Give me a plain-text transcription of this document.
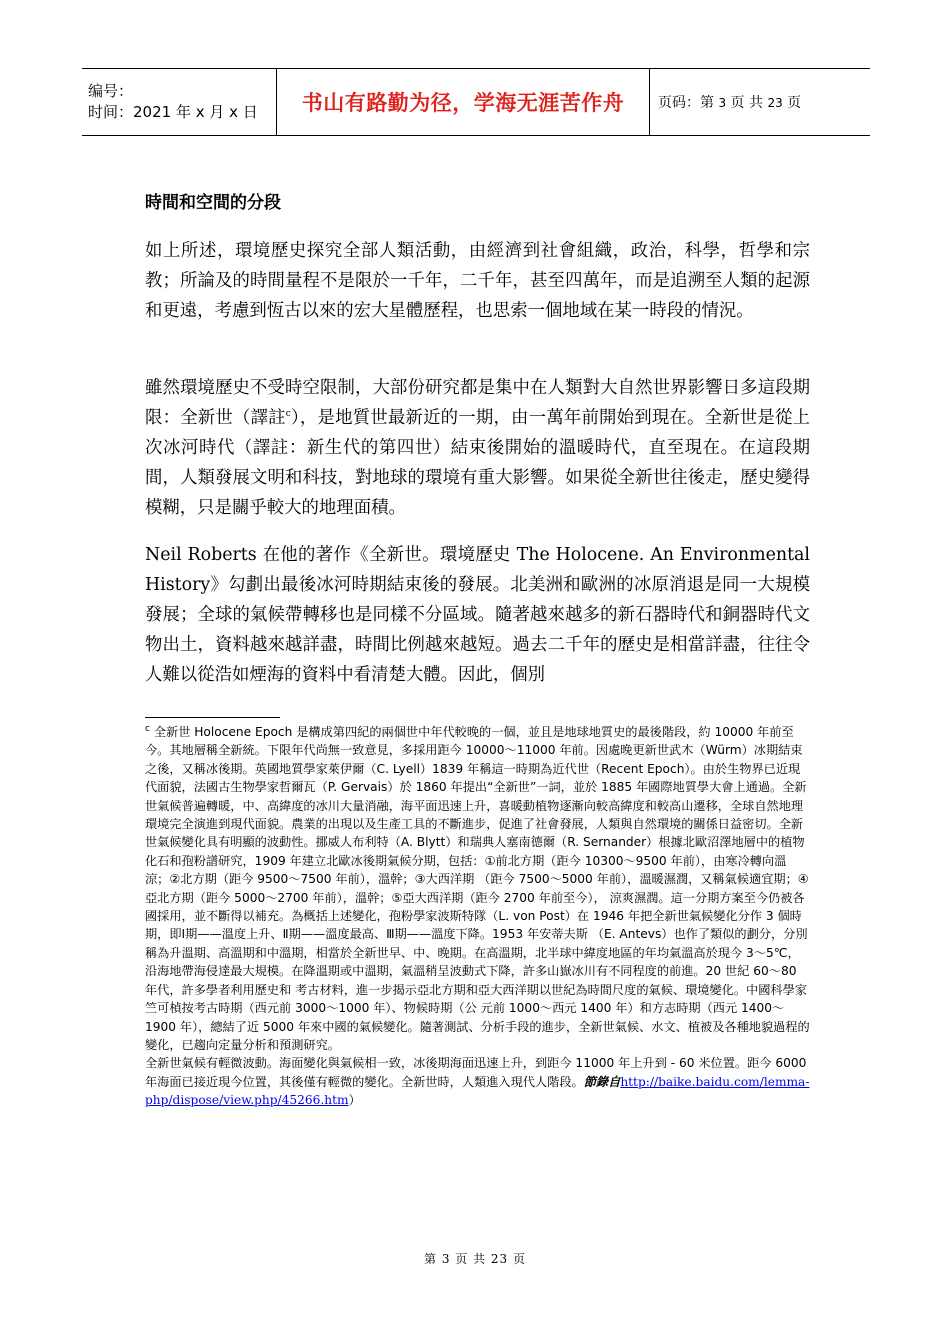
编号：
时间：2021 年 x 月 x 日	书山有路勤为径，学海无涯苦作舟	页码：第 3 页 共 23 页
時間和空間的分段

如上所述，環境歷史探究全部人類活動，由經濟到社會組織，政治，科學，哲學和宗教；所論及的時間量程不是限於一千年，二千年，甚至四萬年，而是追溯至人類的起源和更遠，考慮到恆古以來的宏大星體歷程，也思索一個地域在某一時段的情況。

雖然環境歷史不受時空限制，大部份研究都是集中在人類對大自然世界影響日多這段期限：全新世（譯註$^c$），是地質世最新近的一期，由一萬年前開始到現在。全新世是從上次冰河時代（譯註：新生代的第四世）結束後開始的溫暖時代，直至現在。在這段期間，人類發展文明和科技，對地球的環境有重大影響。如果從全新世往後走，歷史變得模糊，只是關乎較大的地理面積。

Neil Roberts 在他的著作《全新世。環境歷史 The Holocene. An Environmental History》勾劃出最後冰河時期結束後的發展。北美洲和歐洲的冰原消退是同一大規模發展；全球的氣候帶轉移也是同樣不分區域。隨著越來越多的新石器時代和銅器時代文物出土，資料越來越詳盡，時間比例越來越短。過去二千年的歷史是相當詳盡，往往令人難以從浩如煙海的資料中看清楚大體。因此，個別

$^c$ 全新世 Holocene Epoch 是構成第四紀的兩個世中年代較晚的一個，並且是地球地質史的最後階段，約 10000 年前至今。其地層稱全新統。下限年代尚無一致意見，多採用距今 10000～11000 年前。因處晚更新世武木（Würm）冰期結束之後，又稱冰後期。英國地質學家萊伊爾（C. Lyell）1839 年稱這一時期為近代世（Recent Epoch）。由於生物界已近現代面貌，法國古生物學家哲爾瓦（P. Gervais）於 1860 年提出“全新世”一詞，並於 1885 年國際地質學大會上通過。全新世氣候普遍轉暖，中、高緯度的冰川大量消融，海平面迅速上升，喜暖動植物逐漸向較高緯度和較高山遷移，全球自然地理環境完全演進到現代面貌。農業的出現以及生產工具的不斷進步，促進了社會發展，人類與自然環境的關係日益密切。全新世氣候變化具有明顯的波動性。挪威人布利特（A. Blytt）和瑞典人塞南德爾（R. Sernander）根據北歐沼澤地層中的植物化石和孢粉譜研究，1909 年建立北歐冰後期氣候分期，包括：①前北方期（距今 10300～9500 年前），由寒冷轉向溫涼；②北方期（距今 9500～7500 年前），溫幹；③大西洋期 （距今 7500～5000 年前），溫暖濕潤，又稱氣候適宜期；④亞北方期（距今 5000～2700 年前），溫幹；⑤亞大西洋期（距今 2700 年前至今）， 涼爽濕潤。這一分期方案至今仍被各國採用，並不斷得以補充。為概括上述變化，孢粉學家波斯特隊（L. von Post）在 1946 年把全新世氣候變化分作 3 個時期，即Ⅰ期——溫度上升、Ⅱ期——溫度最高、Ⅲ期——溫度下降。1953 年安蒂夫斯 （E. Antevs）也作了類似的劃分，分別稱為升溫期、高溫期和中溫期，相當於全新世早、中、晚期。在高溫期，北半球中緯度地區的年均氣溫高於現今 3～5℃，沿海地帶海侵達最大規模。在降溫期或中溫期，氣溫稍呈波動式下降，許多山嶽冰川有不同程度的前進。20 世紀 60～80 年代，許多學者利用歷史和 考古材料，進一步揭示亞北方期和亞大西洋期以世紀為時間尺度的氣候、環境變化。中國科學家竺可楨按考古時期（西元前 3000～1000 年）、物候時期（公 元前 1000～西元 1400 年）和方志時期（西元 1400～1900 年），總結了近 5000 年來中國的氣候變化。隨著測試、分析手段的進步，全新世氣候、水文、植被及各種地貌過程的變化，已趨向定量分析和預測研究。

全新世氣候有輕微波動。海面變化與氣候相一致，冰後期海面迅速上升，到距今 11000 年上升到 - 60 米位置。距今 6000 年海面已接近現今位置，其後僅有輕微的變化。全新世時，人類進入現代人階段。節錄自http://baike.baidu.com/lemma-php/dispose/view.php/45266.htm）

第 3 页 共 23 页
